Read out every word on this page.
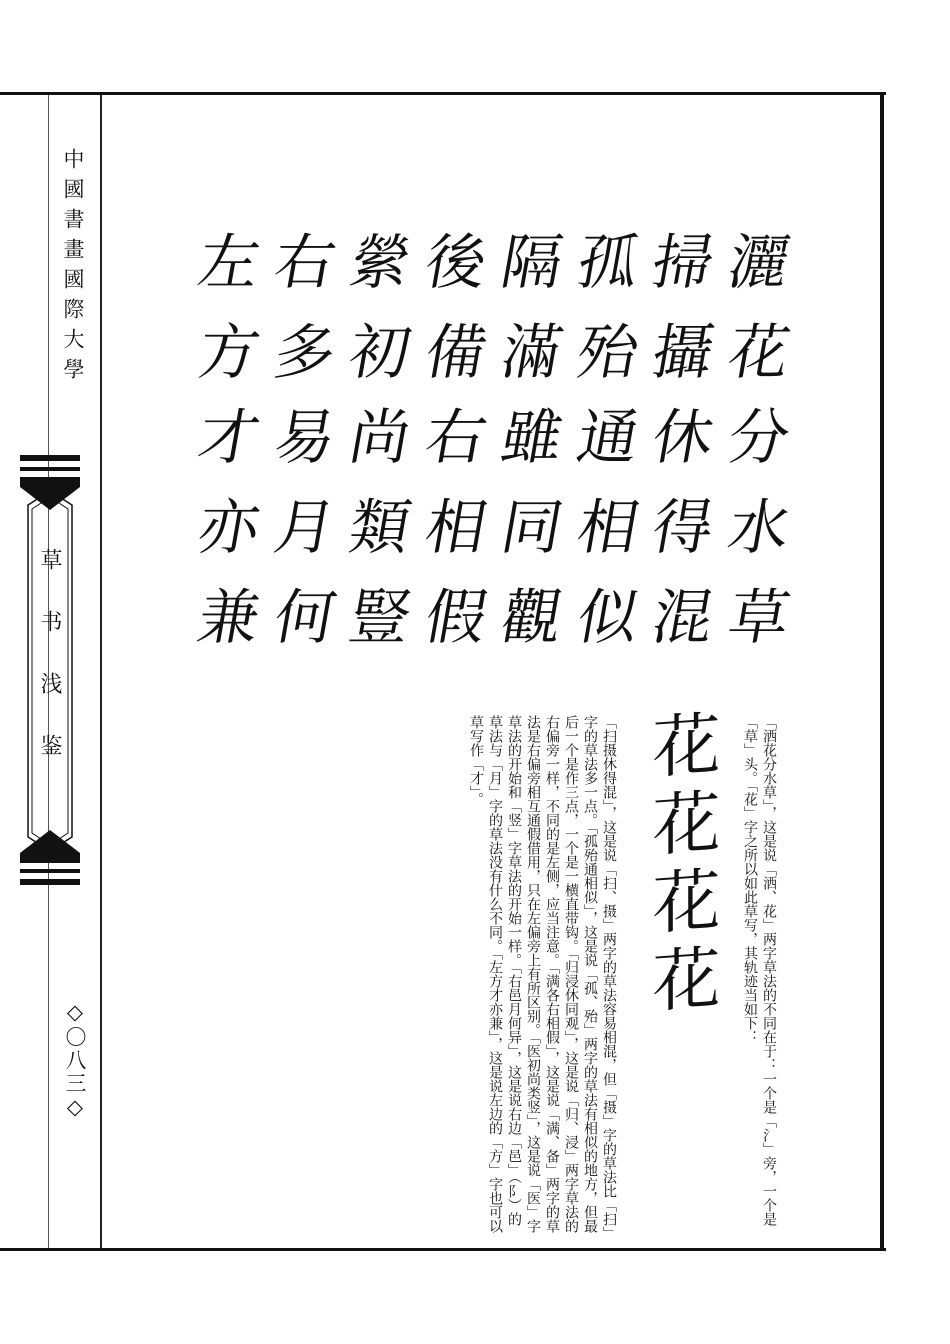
中國書畫國際大學
草书浅鉴
◇〇八三◇
左 右 縈 後 隔 孤 掃 灑
方 多 初 備 滿 殆 攝 花
才 易 尚 右 雖 通 休 分
亦 月 類 相 同 相 得 水
兼 何 豎 假 觀 似 混 草
花花花花	「洒花分水草」，这是说「洒、花」两字草法的不同在于：一个是「氵」旁，一个是「草」头。「花」字之所以如此草写，其轨迹当如下：
「扫摄休得混」，这是说「扫、摄」两字的草法容易相混，但「摄」字的草法比「扫」字的草法多一点。「孤殆通相似」，这是说「孤、殆」两字的草法有相似的地方，但最后一个是作三点，一个是一横直带钩。「归浸休同观」，这是说「归、浸」两字草法的右偏旁一样，不同的是左侧，应当注意。「满各右相假」，这是说「满、备」两字的草法是右偏旁相互通假借用，只在左偏旁上有所区别。「医初尚类竖」，这是说「医」字草法的开始和「竖」字草法的开始一样。「右邑月何异」，这是说右边「邑」（阝）的草法与「月」字的草法没有什么不同。「左方才亦兼」，这是说左边的「方」字也可以草写作「才」。
